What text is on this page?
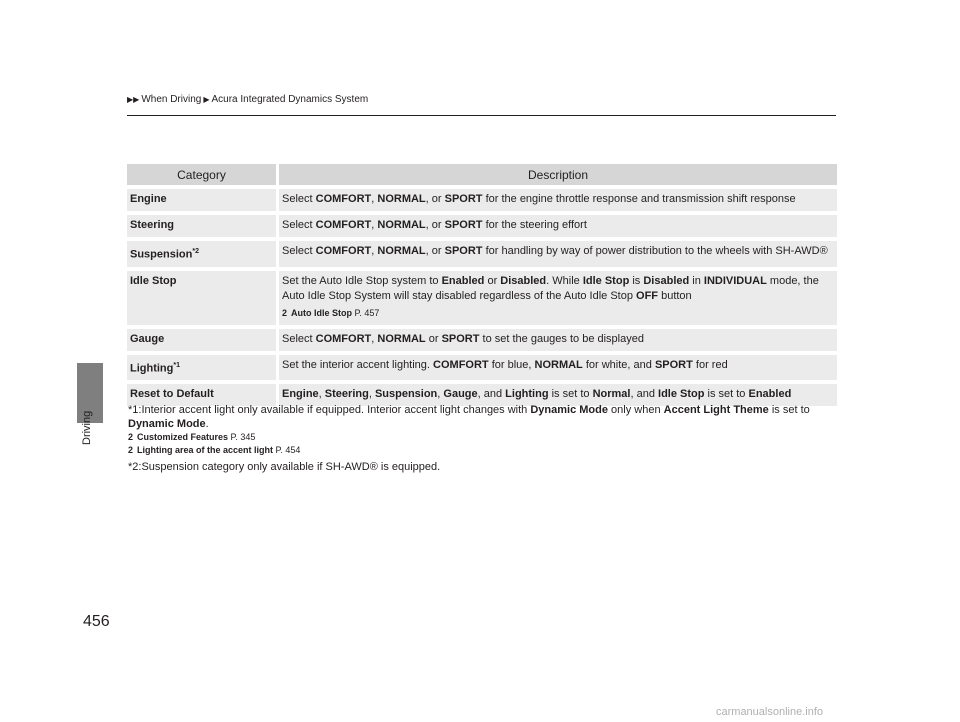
Driving
▶▶ When Driving ▶ Acura Integrated Dynamics System
Category	Description
Engine	Select COMFORT, NORMAL, or SPORT for the engine throttle response and transmission shift response
Steering	Select COMFORT, NORMAL, or SPORT for the steering effort
Suspension$^{*2}$	Select COMFORT, NORMAL, or SPORT for handling by way of power distribution to the wheels with SH-AWD®
Idle Stop	Set the Auto Idle Stop system to Enabled or Disabled. While Idle Stop is Disabled in INDIVIDUAL mode, the Auto Idle Stop System will stay disabled regardless of the Auto Idle Stop OFF button
2 Auto Idle Stop P. 457

Gauge	Select COMFORT, NORMAL or SPORT to set the gauges to be displayed
Lighting$^{*1}$	Set the interior accent lighting. COMFORT for blue, NORMAL for white, and SPORT for red
Reset to Default	Engine, Steering, Suspension, Gauge, and Lighting is set to Normal, and Idle Stop is set to Enabled
*1:Interior accent light only available if equipped. Interior accent light changes with Dynamic Mode only when Accent Light Theme is set to Dynamic Mode.
2 Customized Features P. 345
2 Lighting area of the accent light P. 454
*2:Suspension category only available if SH-AWD® is equipped.
456
carmanualsonline.info
